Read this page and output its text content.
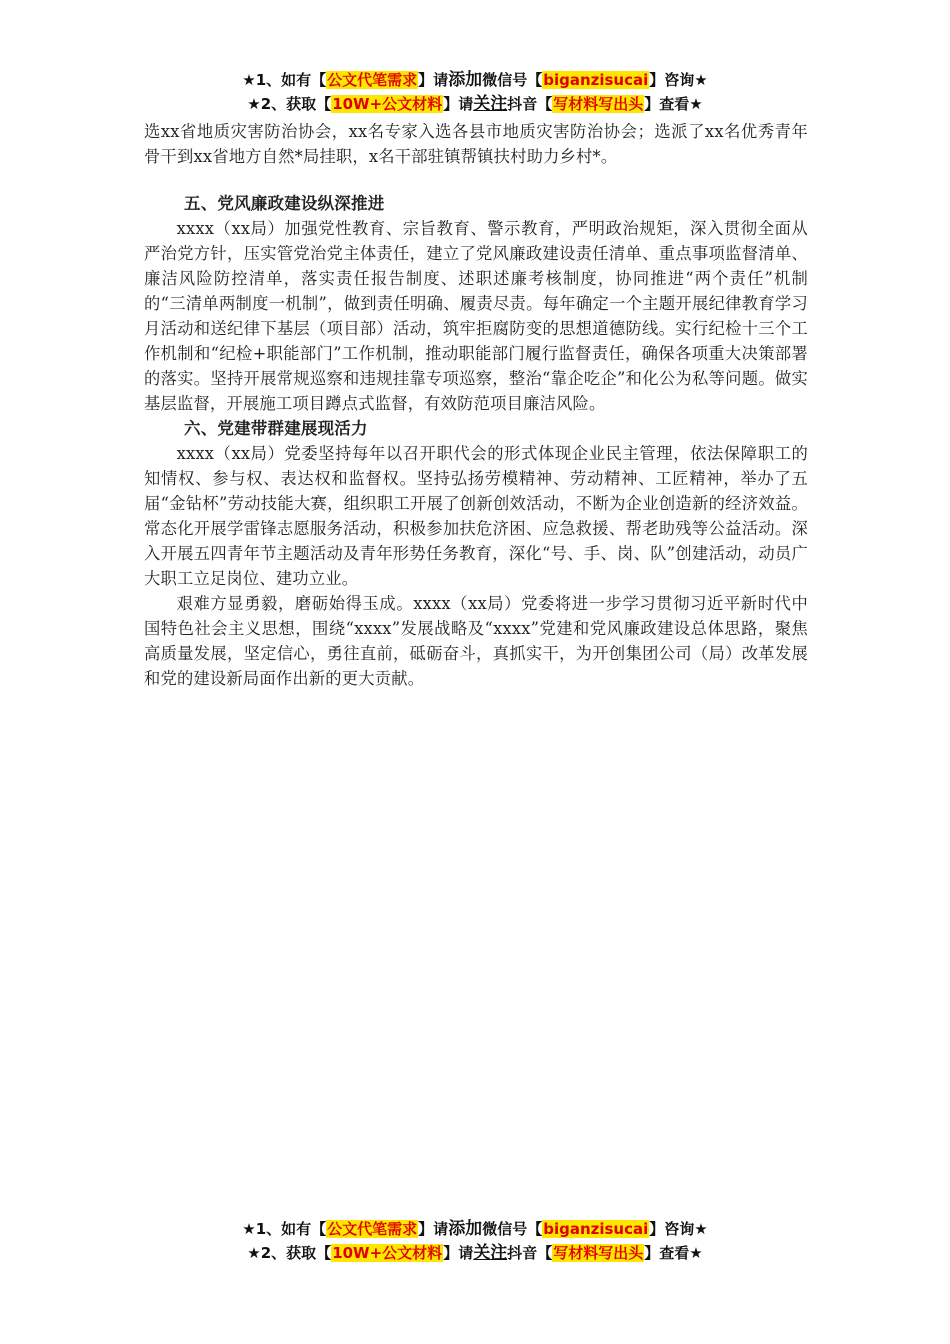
★1、如有【公文代笔需求】请添加微信号【biganzisucai】咨询★
★2、获取【10W+公文材料】请关注抖音【写材料写出头】查看★

选xx省地质灾害防治协会，xx名专家入选各县市地质灾害防治协会；选派了xx名优秀青年骨干到xx省地方自然*局挂职，x名干部驻镇帮镇扶村助力乡村*。

五、党风廉政建设纵深推进

xxxx（xx局）加强党性教育、宗旨教育、警示教育，严明政治规矩，深入贯彻全面从严治党方针，压实管党治党主体责任，建立了党风廉政建设责任清单、重点事项监督清单、廉洁风险防控清单，落实责任报告制度、述职述廉考核制度，协同推进“两个责任”机制的“三清单两制度一机制”，做到责任明确、履责尽责。每年确定一个主题开展纪律教育学习月活动和送纪律下基层（项目部）活动，筑牢拒腐防变的思想道德防线。实行纪检十三个工作机制和“纪检+职能部门”工作机制，推动职能部门履行监督责任，确保各项重大决策部署的落实。坚持开展常规巡察和违规挂靠专项巡察，整治“靠企吃企”和化公为私等问题。做实基层监督，开展施工项目蹲点式监督，有效防范项目廉洁风险。

六、党建带群建展现活力

xxxx（xx局）党委坚持每年以召开职代会的形式体现企业民主管理，依法保障职工的知情权、参与权、表达权和监督权。坚持弘扬劳模精神、劳动精神、工匠精神，举办了五届“金钻杯”劳动技能大赛，组织职工开展了创新创效活动，不断为企业创造新的经济效益。常态化开展学雷锋志愿服务活动，积极参加扶危济困、应急救援、帮老助残等公益活动。深入开展五四青年节主题活动及青年形势任务教育，深化“号、手、岗、队”创建活动，动员广大职工立足岗位、建功立业。

艰难方显勇毅，磨砺始得玉成。xxxx（xx局）党委将进一步学习贯彻习近平新时代中国特色社会主义思想，围绕“xxxx”发展战略及“xxxx”党建和党风廉政建设总体思路，聚焦高质量发展，坚定信心，勇往直前，砥砺奋斗，真抓实干，为开创集团公司（局）改革发展和党的建设新局面作出新的更大贡献。

★1、如有【公文代笔需求】请添加微信号【biganzisucai】咨询★
★2、获取【10W+公文材料】请关注抖音【写材料写出头】查看★
